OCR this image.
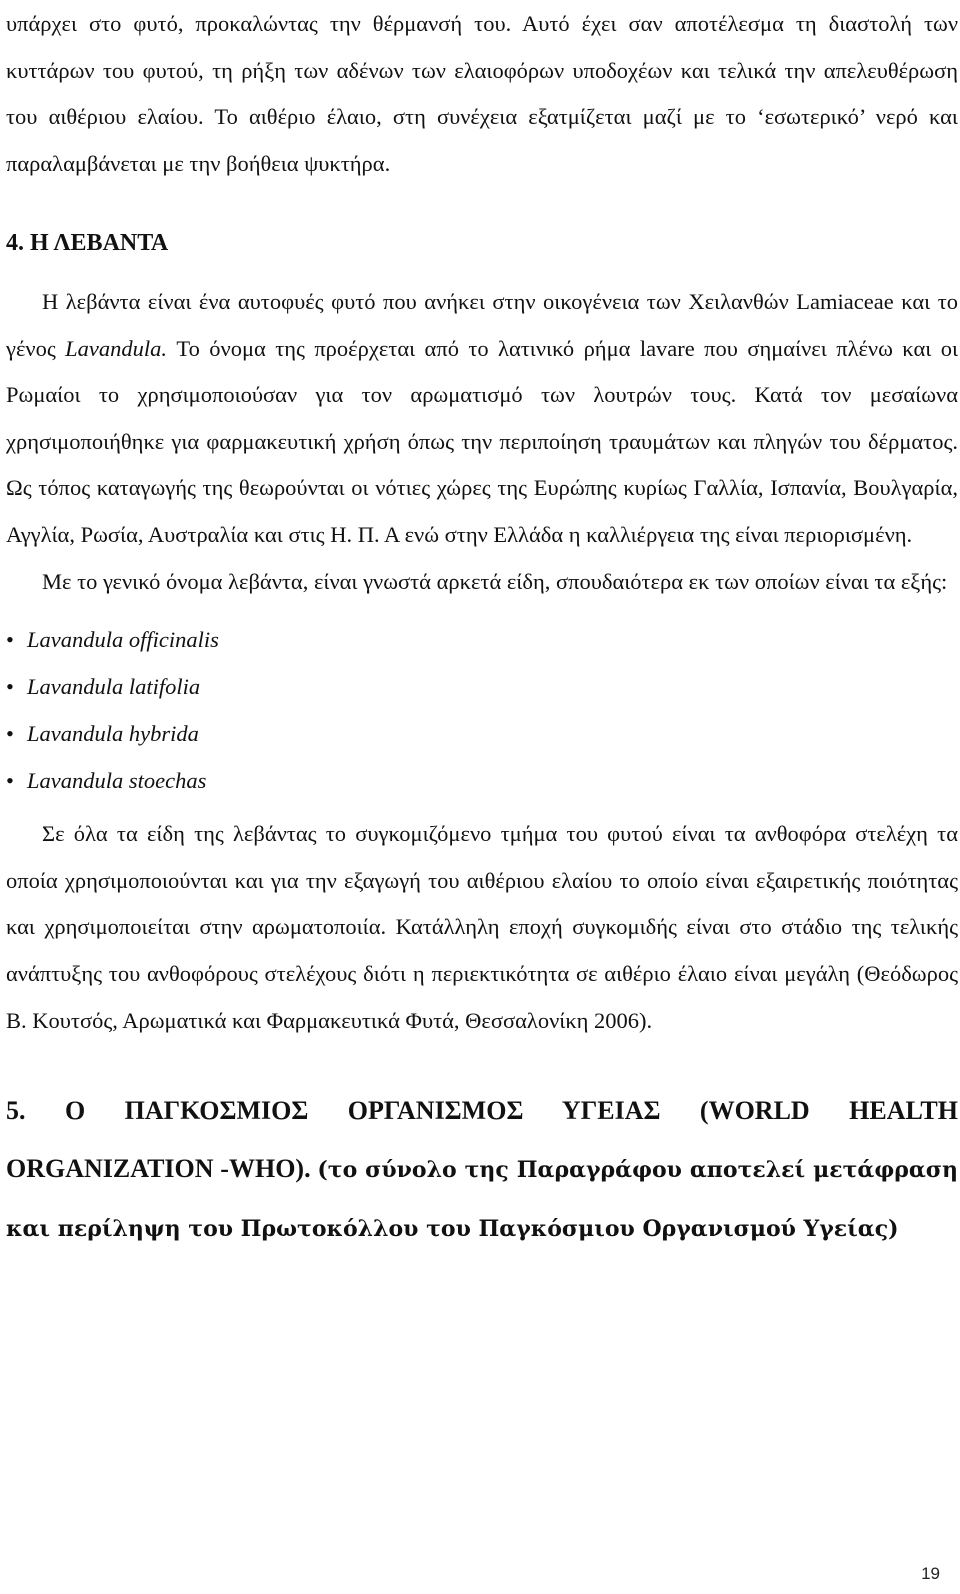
υπάρχει στο φυτό, προκαλώντας την θέρμανσή του. Αυτό έχει σαν αποτέλεσμα τη διαστολή των κυττάρων του φυτού, τη ρήξη των αδένων των ελαιοφόρων υποδοχέων και τελικά την απελευθέρωση του αιθέριου ελαίου. Το αιθέριο έλαιο, στη συνέχεια εξατμίζεται μαζί με το ‘εσωτερικό’ νερό και παραλαμβάνεται με την βοήθεια ψυκτήρα.

4. Η ΛΕΒΑΝΤΑ

Η λεβάντα είναι ένα αυτοφυές φυτό που ανήκει στην οικογένεια των Χειλανθών Lamiaceae και το γένος Lavandula. Το όνομα της προέρχεται από το λατινικό ρήμα lavare που σημαίνει πλένω και οι Ρωμαίοι το χρησιμοποιούσαν για τον αρωματισμό των λουτρών τους. Κατά τον μεσαίωνα χρησιμοποιήθηκε για φαρμακευτική χρήση όπως την περιποίηση τραυμάτων και πληγών του δέρματος. Ως τόπος καταγωγής της θεωρούνται οι νότιες χώρες της Ευρώπης κυρίως Γαλλία, Ισπανία, Βουλγαρία, Αγγλία, Ρωσία, Αυστραλία και στις Η. Π. Α ενώ στην Ελλάδα η καλλιέργεια της είναι περιορισμένη.

Με το γενικό όνομα λεβάντα, είναι γνωστά αρκετά είδη, σπουδαιότερα εκ των οποίων είναι τα εξής:

• Lavandula officinalis
• Lavandula latifolia
• Lavandula hybrida
• Lavandula stoechas

Σε όλα τα είδη της λεβάντας το συγκομιζόμενο τμήμα του φυτού είναι τα ανθοφόρα στελέχη τα οποία χρησιμοποιούνται και για την εξαγωγή του αιθέριου ελαίου το οποίο είναι εξαιρετικής ποιότητας και χρησιμοποιείται στην αρωματοποιία. Κατάλληλη εποχή συγκομιδής είναι στο στάδιο της τελικής ανάπτυξης του ανθοφόρους στελέχους διότι η περιεκτικότητα σε αιθέριο έλαιο είναι μεγάλη (Θεόδωρος Β. Κουτσός, Αρωματικά και Φαρμακευτικά Φυτά, Θεσσαλονίκη 2006).

5. Ο ΠΑΓΚΟΣΜΙΟΣ ΟΡΓΑΝΙΣΜΟΣ ΥΓΕΙΑΣ (WORLD HEALTH ORGANIZATION -WHO). (το σύνολο της Παραγράφου αποτελεί μετάφραση και περίληψη του Πρωτοκόλλου του Παγκόσμιου Οργανισμού Υγείας)
19
